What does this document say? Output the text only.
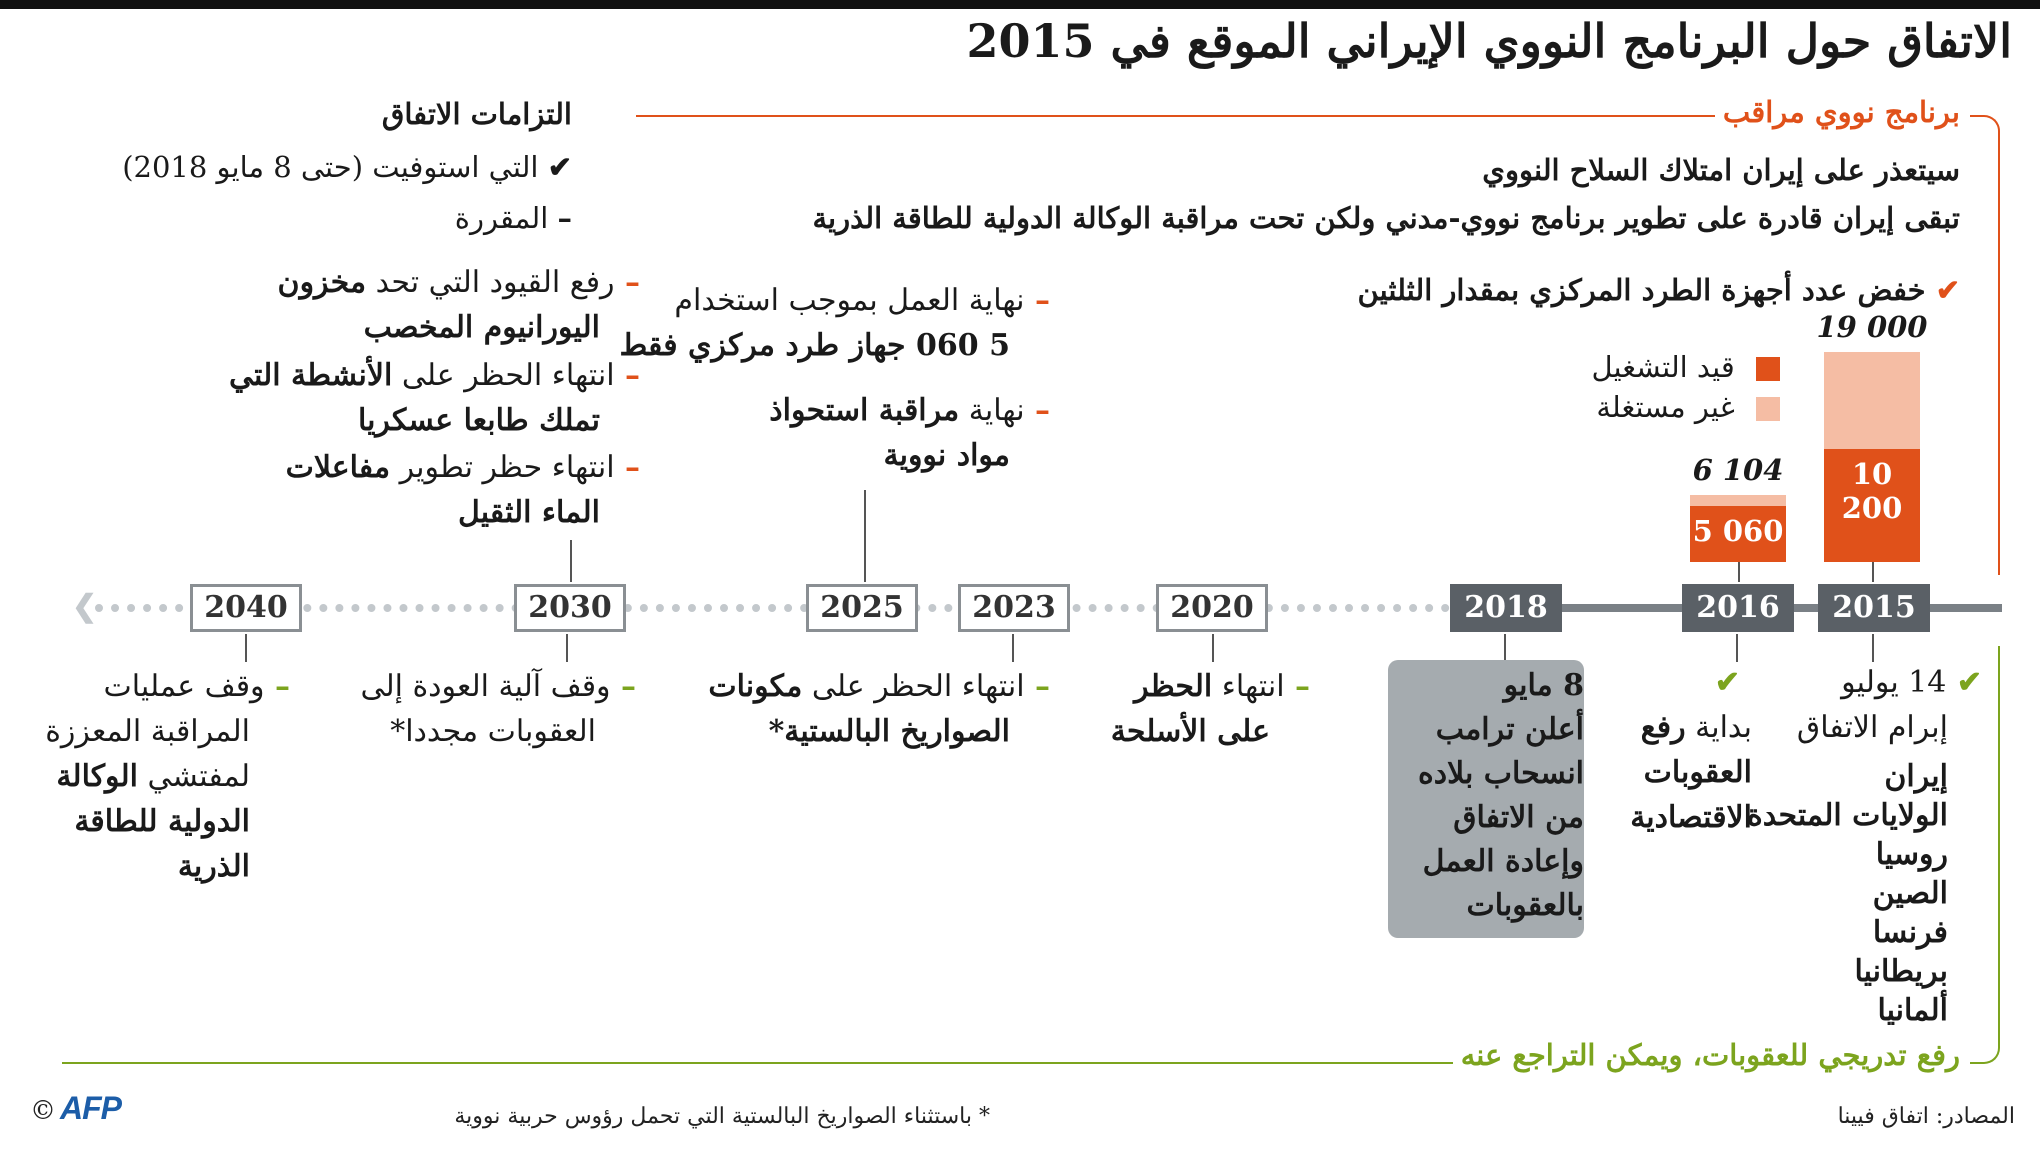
الاتفاق حول البرنامج النووي الإيراني الموقع في 2015
برنامج نووي مراقب
التزامات الاتفاق
✔ التي استوفيت (حتى 8 مايو 2018)
– المقررة
سيتعذر على إيران امتلاك السلاح النووي
تبقى إيران قادرة على تطوير برنامج نووي-مدني ولكن تحت مراقبة الوكالة الدولية للطاقة الذرية
✔ خفض عدد أجهزة الطرد المركزي بمقدار الثلثين
قيد التشغيل
غير مستغلة
19 000
10 200
6 104
5 060
❮	2040	2030	2025	2023	2020	2018	2016	2015
– رفع القيود التي تحد مخزون
اليورانيوم المخصب
– انتهاء الحظر على الأنشطة التي
تملك طابعا عسكريا
– انتهاء حظر تطوير مفاعلات
الماء الثقيل
– نهاية العمل بموجب استخدام
5 060 جهاز طرد مركزي فقط
– نهاية مراقبة استحواذ
مواد نووية
– وقف عمليات
المراقبة المعززة
لمفتشي الوكالة
الدولية للطاقة
الذرية
– وقف آلية العودة إلى
العقوبات مجددا*
– انتهاء الحظر على مكونات
الصواريخ البالستية*
– انتهاء الحظر
على الأسلحة
8 مايو
أعلن ترامب
انسحاب بلاده
من الاتفاق
وإعادة العمل
بالعقوبات
✔
بداية رفع
العقوبات
الاقتصادية
✔ 14 يوليو
إبرام الاتفاق
إيران
الولايات المتحدة
روسيا
الصين
فرنسا
بريطانيا
ألمانيا
رفع تدريجي للعقوبات، ويمكن التراجع عنه
© AFP	* باستثناء الصواريخ البالستية التي تحمل رؤوس حربية نووية	المصادر: اتفاق فيينا
